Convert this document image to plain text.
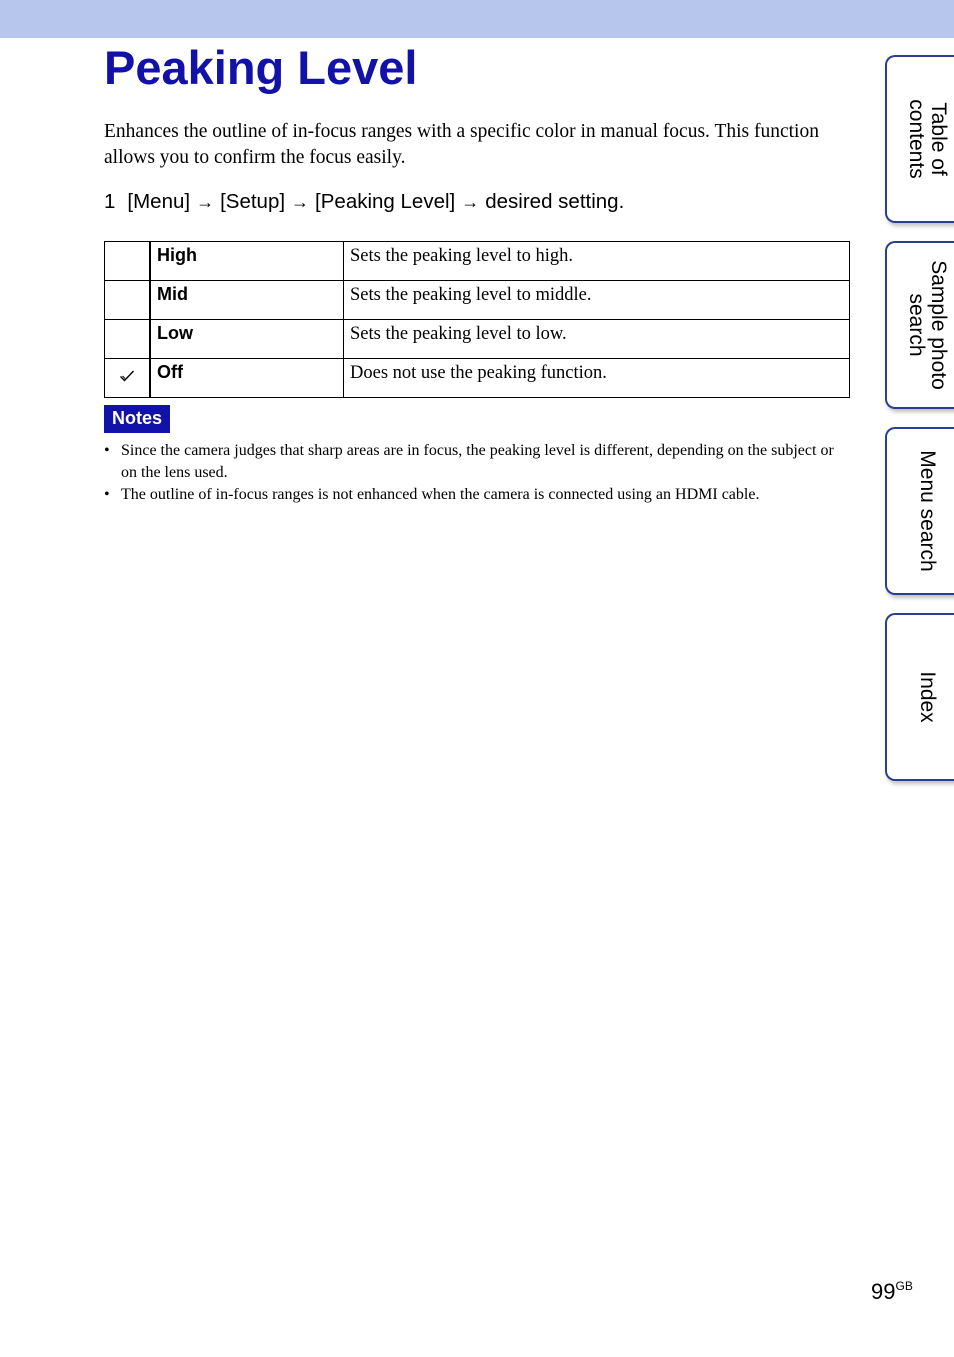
Peaking Level

Enhances the outline of in-focus ranges with a specific color in manual focus. This function allows you to confirm the focus easily.

1 [Menu] → [Setup] → [Peaking Level] → desired setting.
	High	Sets the peaking level to high.
	Mid	Sets the peaking level to middle.
	Low	Sets the peaking level to low.
	Off	Does not use the peaking function.
Notes
• Since the camera judges that sharp areas are in focus, the peaking level is different, depending on the subject or on the lens used.
• The outline of in-focus ranges is not enhanced when the camera is connected using an HDMI cable.
Table of
contents
Sample photo
search
Menu search
Index
$99^{GB}$
